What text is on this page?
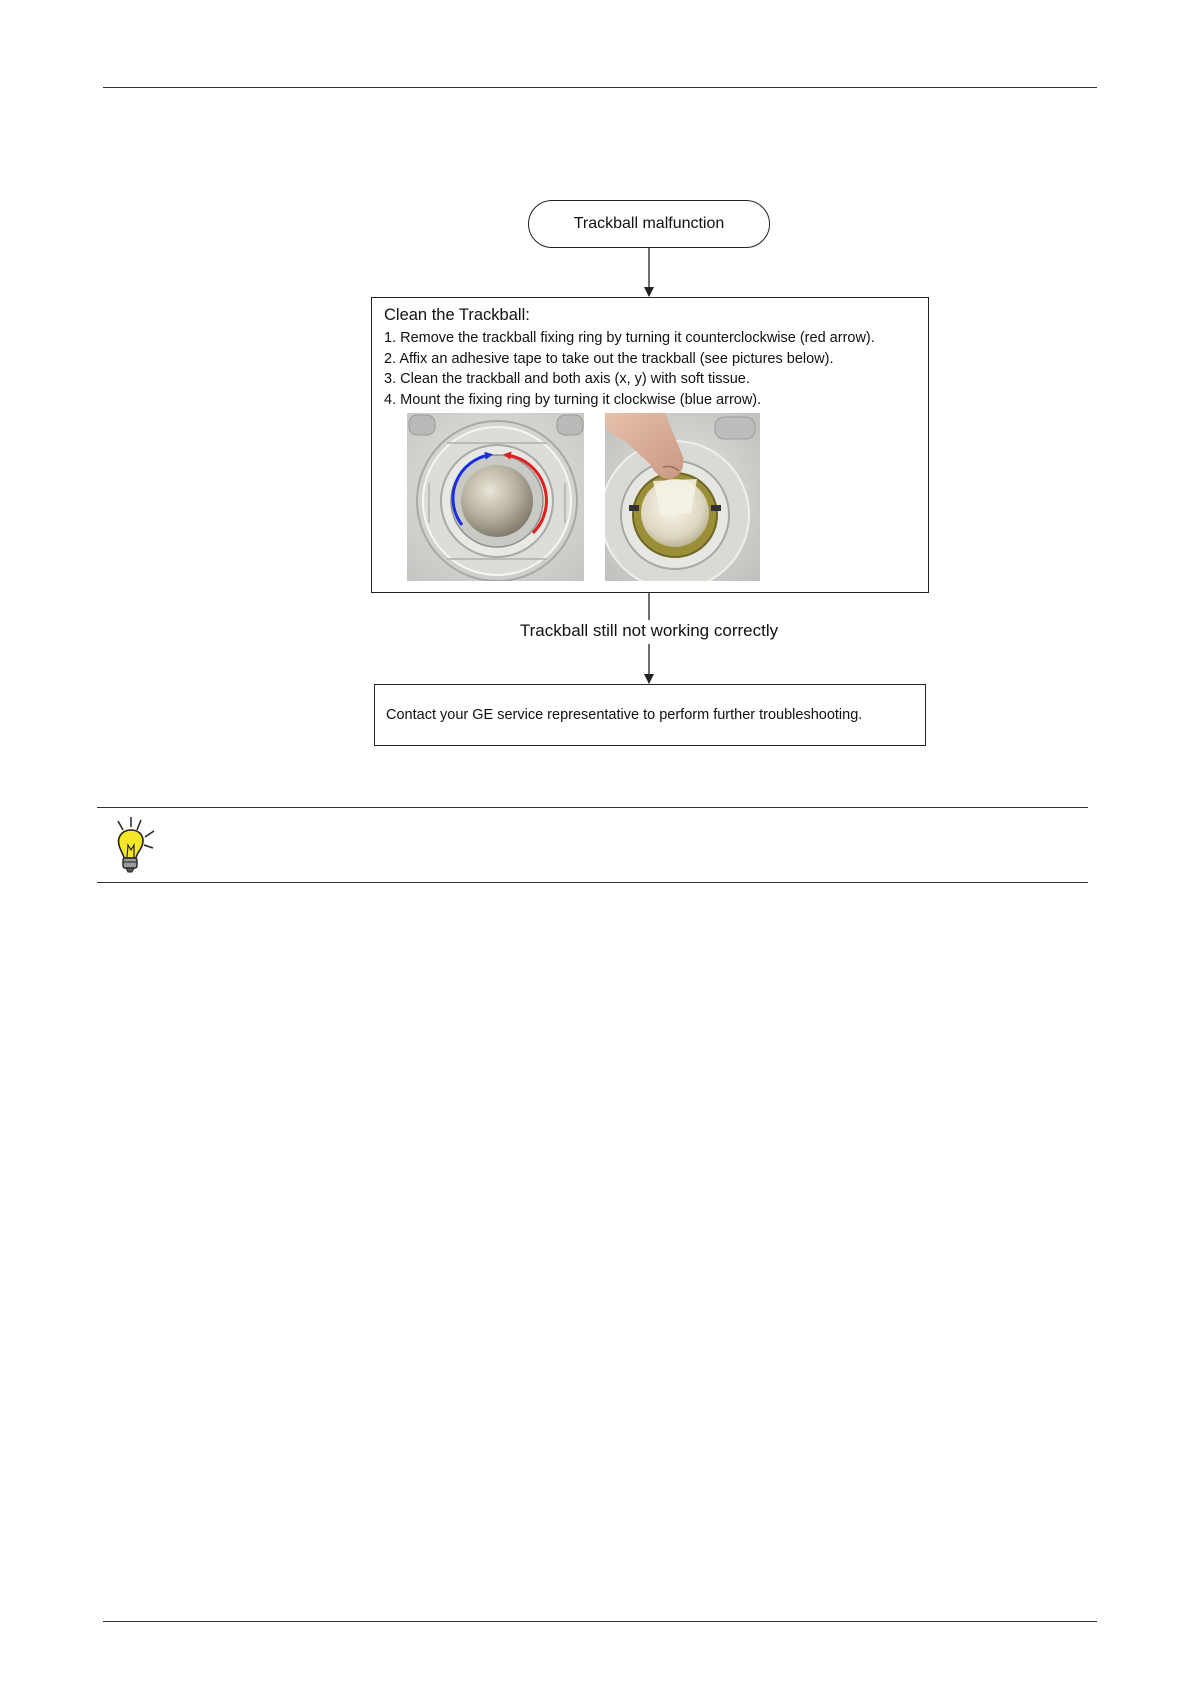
Trackball malfunction
Clean the Trackball:
1. Remove the trackball fixing ring by turning it counterclockwise (red arrow).
2. Affix an adhesive tape to take out the trackball (see pictures below).
3. Clean the trackball and both axis (x, y) with soft tissue.
4. Mount the fixing ring by turning it clockwise (blue arrow).
Trackball still not working correctly
Contact your GE service representative to perform further troubleshooting.
